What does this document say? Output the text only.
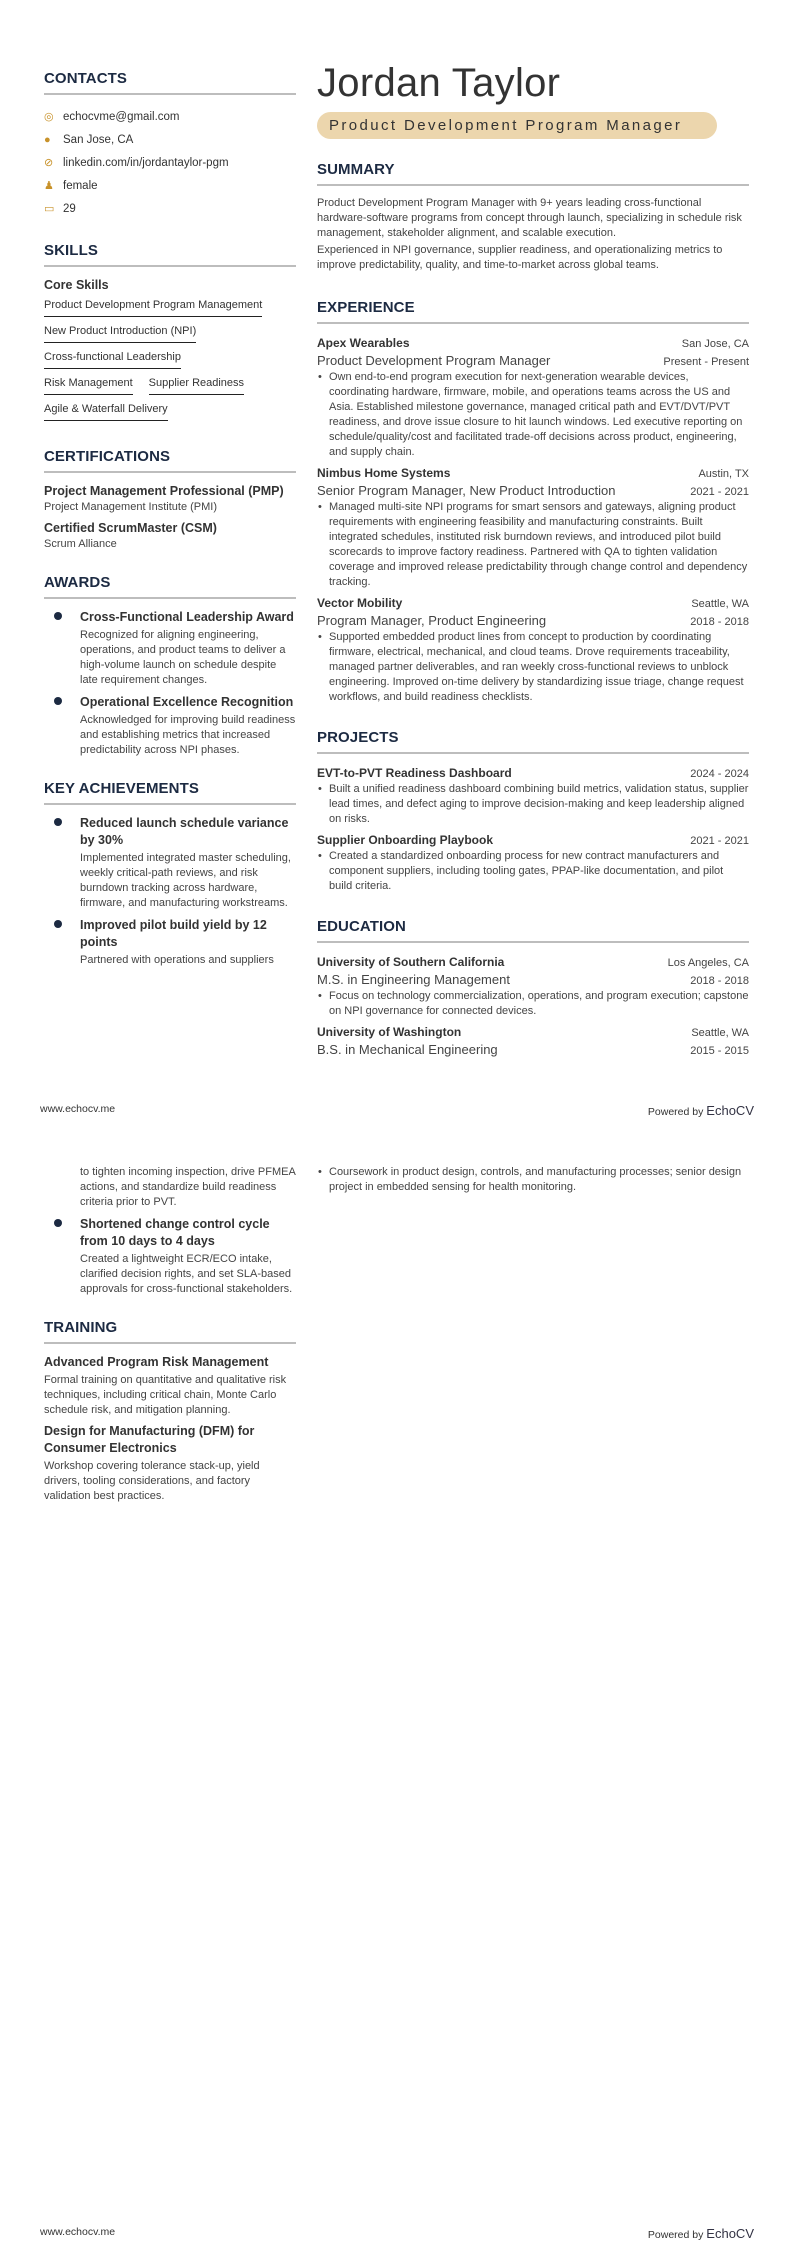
CONTACTS
◎ echocvme@gmail.com
●	San Jose, CA
⊘ linkedin.com/in/jordantaylor-pgm
♟ female
▭ 29
SKILLS
Core Skills
Product Development Program Management
New Product Introduction (NPI)
Cross-functional Leadership
Risk Management Supplier Readiness
Agile & Waterfall Delivery
CERTIFICATIONS
Project Management Professional (PMP)
Project Management Institute (PMI)
Certified ScrumMaster (CSM)
Scrum Alliance
AWARDS
Cross-Functional Leadership Award
Recognized for aligning engineering, operations, and product teams to deliver a high-volume launch on schedule despite late requirement changes.
Operational Excellence Recognition
Acknowledged for improving build readiness and establishing metrics that increased predictability across NPI phases.
KEY ACHIEVEMENTS
Reduced launch schedule variance by 30%
Implemented integrated master scheduling, weekly critical-path reviews, and risk burndown tracking across hardware, firmware, and manufacturing workstreams.
Improved pilot build yield by 12 points
Partnered with operations and suppliers
Jordan Taylor
Product Development Program Manager
SUMMARY

Product Development Program Manager with 9+ years leading cross-functional hardware-software programs from concept through launch, specializing in schedule risk management, stakeholder alignment, and scalable execution.

Experienced in NPI governance, supplier readiness, and operationalizing metrics to improve predictability, quality, and time-to-market across global teams.

EXPERIENCE
Apex Wearables	San Jose, CA
Product Development Program Manager	Present - Present
• Own end-to-end program execution for next-generation wearable devices, coordinating hardware, firmware, mobile, and operations teams across the US and Asia. Established milestone governance, managed critical path and EVT/DVT/PVT readiness, and drove issue closure to hit launch windows. Led executive reporting on schedule/quality/cost and facilitated trade-off decisions across product, engineering, and supply chain.
Nimbus Home Systems	Austin, TX
Senior Program Manager, New Product Introduction	2021 - 2021
• Managed multi-site NPI programs for smart sensors and gateways, aligning product requirements with engineering feasibility and manufacturing constraints. Built integrated schedules, instituted risk burndown reviews, and introduced pilot build scorecards to improve factory readiness. Partnered with QA to tighten validation coverage and improved release predictability through change control and dependency tracking.
Vector Mobility	Seattle, WA
Program Manager, Product Engineering	2018 - 2018
• Supported embedded product lines from concept to production by coordinating firmware, electrical, mechanical, and cloud teams. Drove requirements traceability, managed partner deliverables, and ran weekly cross-functional reviews to unblock engineering. Improved on-time delivery by standardizing issue triage, change request workflows, and build readiness checklists.
PROJECTS
EVT-to-PVT Readiness Dashboard	2024 - 2024
• Built a unified readiness dashboard combining build metrics, validation status, supplier lead times, and defect aging to improve decision-making and keep leadership aligned on risks.
Supplier Onboarding Playbook	2021 - 2021
• Created a standardized onboarding process for new contract manufacturers and component suppliers, including tooling gates, PPAP-like documentation, and pilot build criteria.
EDUCATION
University of Southern California	Los Angeles, CA
M.S. in Engineering Management	2018 - 2018
• Focus on technology commercialization, operations, and program execution; capstone on NPI governance for connected devices.
University of Washington	Seattle, WA
B.S. in Mechanical Engineering	2015 - 2015
www.echocv.me	Powered by EchoCV
to tighten incoming inspection, drive PFMEA actions, and standardize build readiness criteria prior to PVT.
Shortened change control cycle from 10 days to 4 days
Created a lightweight ECR/ECO intake, clarified decision rights, and set SLA-based approvals for cross-functional stakeholders.
TRAINING
Advanced Program Risk Management
Formal training on quantitative and qualitative risk techniques, including critical chain, Monte Carlo schedule risk, and mitigation planning.
Design for Manufacturing (DFM) for Consumer Electronics
Workshop covering tolerance stack-up, yield drivers, tooling considerations, and factory validation best practices.
• Coursework in product design, controls, and manufacturing processes; senior design project in embedded sensing for health monitoring.
www.echocv.me	Powered by EchoCV
